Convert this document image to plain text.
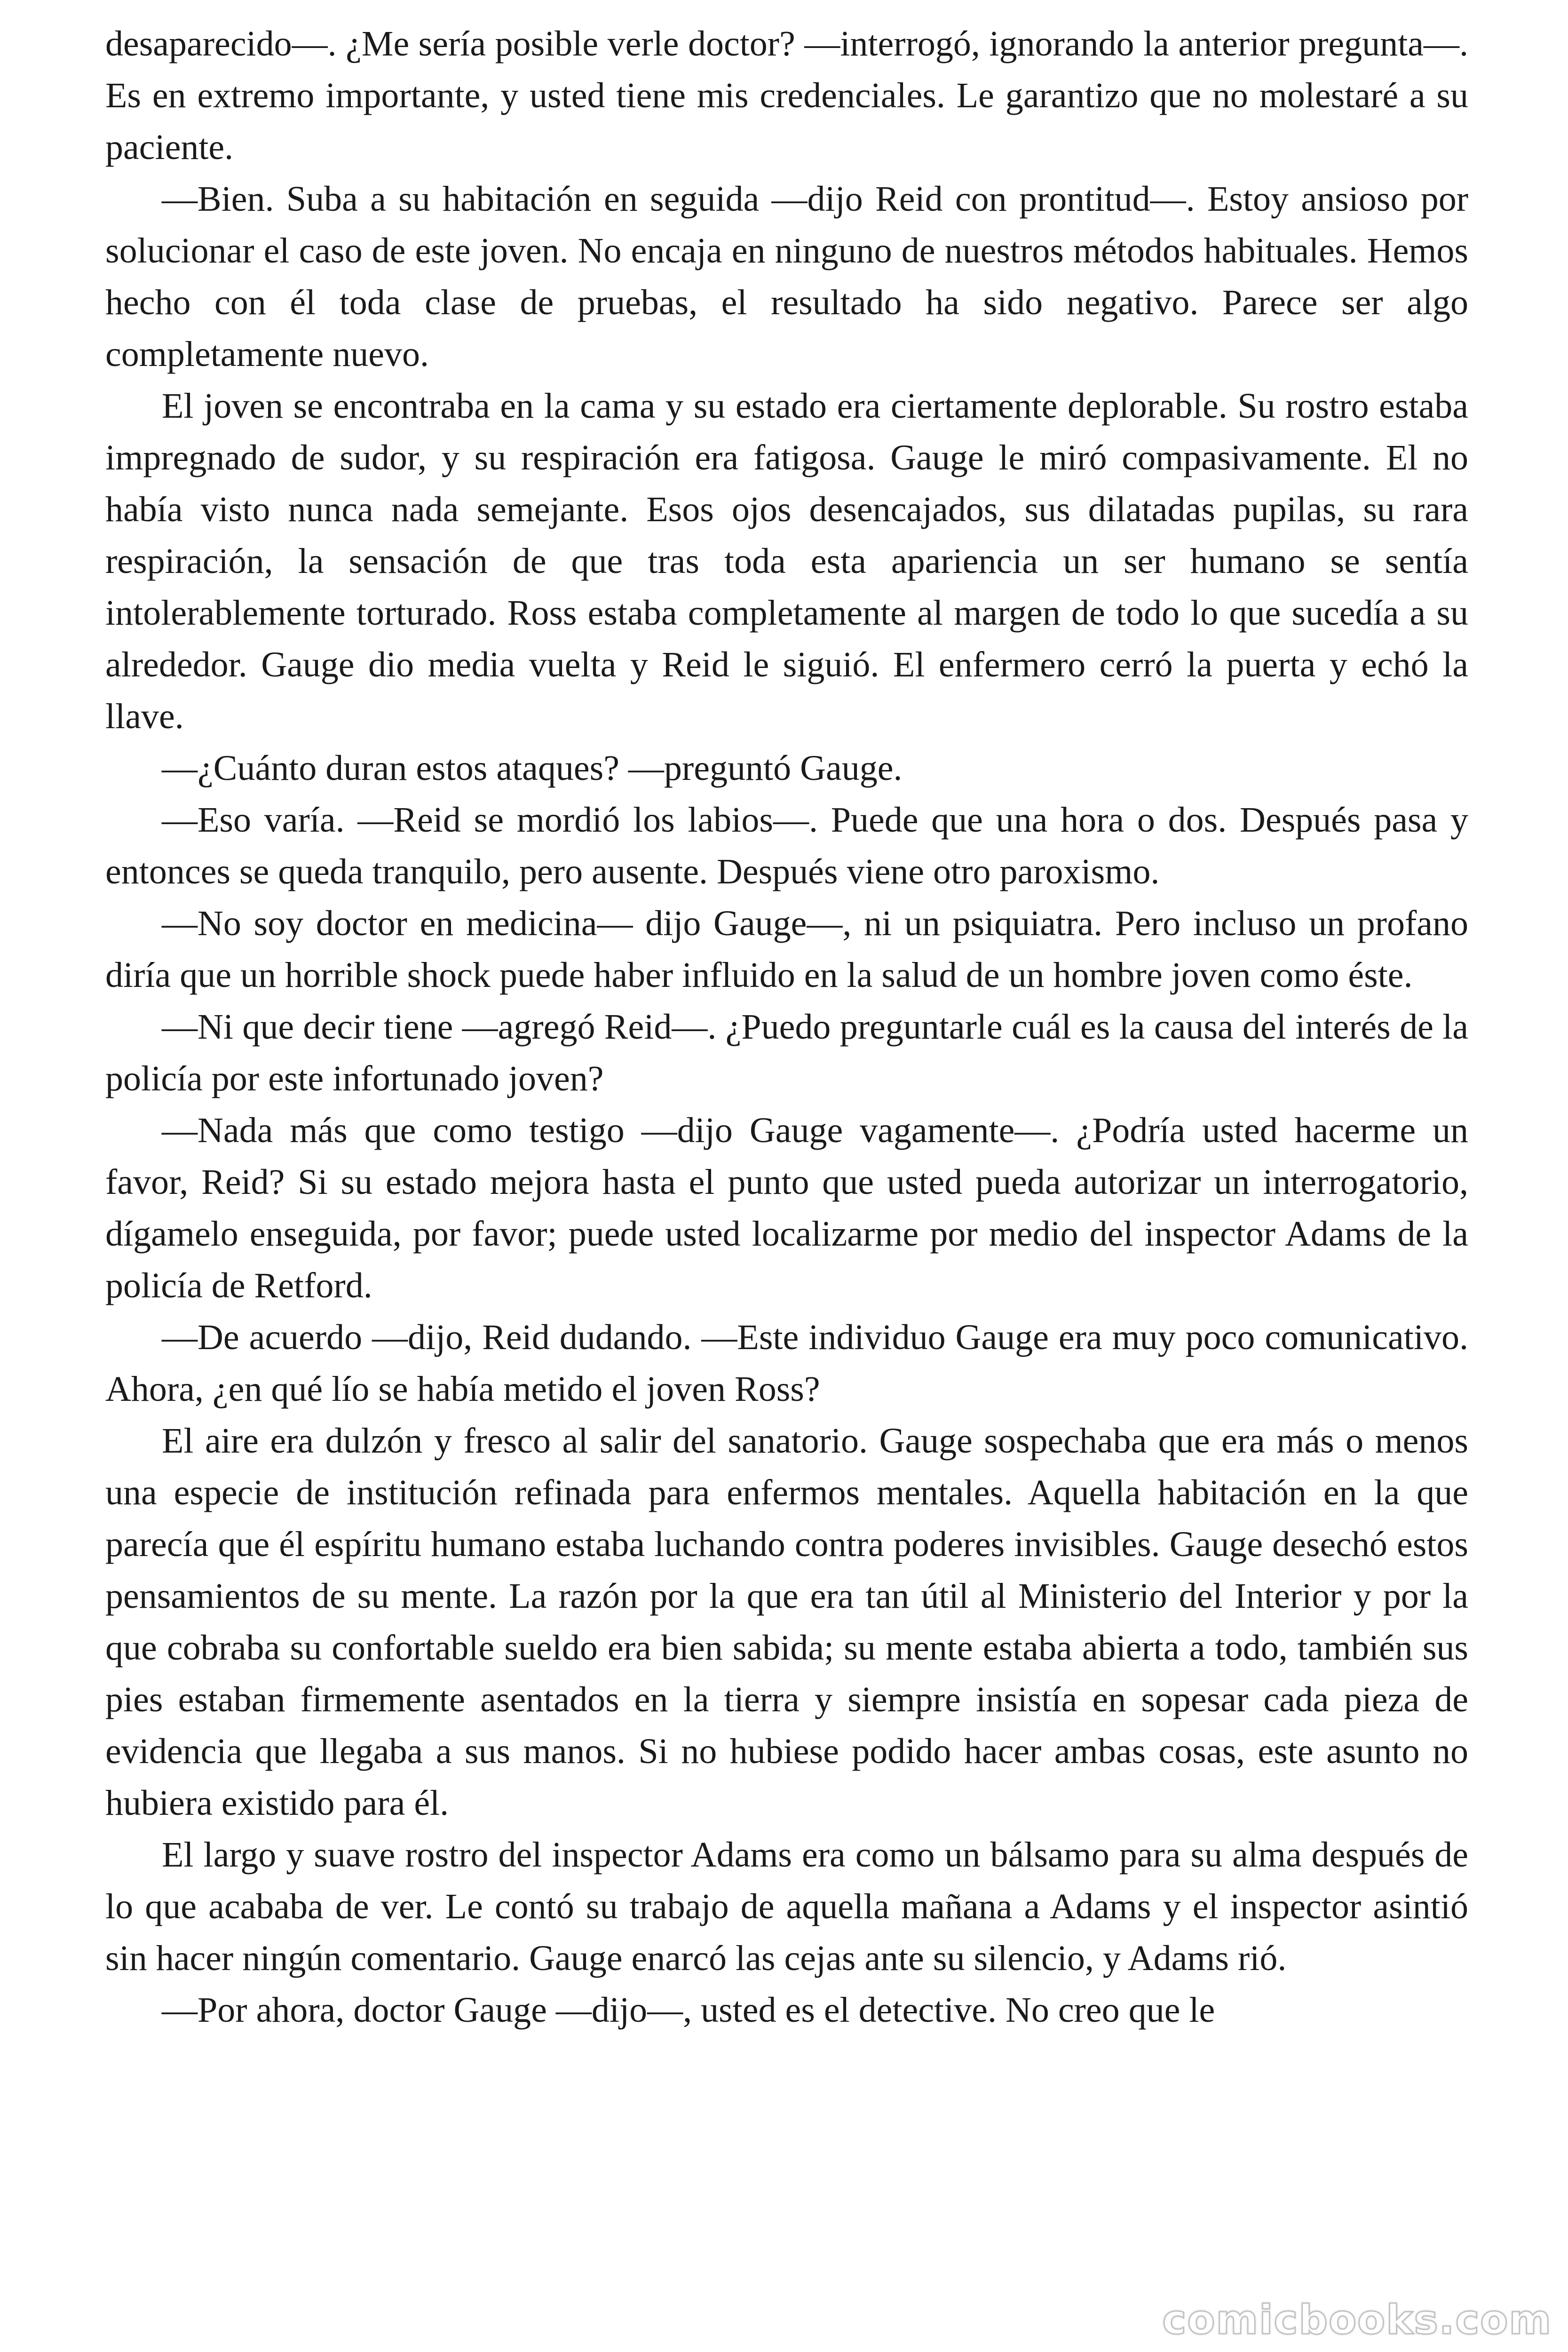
desaparecido—. ¿Me sería posible verle doctor? —interrogó, ignorando la anterior pregunta—. Es en extremo importante, y usted tiene mis credenciales. Le garantizo que no molestaré a su paciente.

—Bien. Suba a su habitación en seguida —dijo Reid con prontitud—. Estoy ansioso por solucionar el caso de este joven. No encaja en ninguno de nuestros métodos habituales. Hemos hecho con él toda clase de pruebas, el resultado ha sido negativo. Parece ser algo completamente nuevo.

El joven se encontraba en la cama y su estado era ciertamente deplorable. Su rostro estaba impregnado de sudor, y su respiración era fatigosa. Gauge le miró compasivamente. El no había visto nunca nada semejante. Esos ojos desencajados, sus dilatadas pupilas, su rara respiración, la sensación de que tras toda esta apariencia un ser humano se sentía intolerablemente torturado. Ross estaba completamente al margen de todo lo que sucedía a su alrededor. Gauge dio media vuelta y Reid le siguió. El enfermero cerró la puerta y echó la llave.

—¿Cuánto duran estos ataques? —preguntó Gauge.

—Eso varía. —Reid se mordió los labios—. Puede que una hora o dos. Después pasa y entonces se queda tranquilo, pero ausente. Después viene otro paroxismo.

—No soy doctor en medicina— dijo Gauge—, ni un psiquiatra. Pero incluso un profano diría que un horrible shock puede haber influido en la salud de un hombre joven como éste.

—Ni que decir tiene —agregó Reid—. ¿Puedo preguntarle cuál es la causa del interés de la policía por este infortunado joven?

—Nada más que como testigo —dijo Gauge vagamente—. ¿Podría usted hacerme un favor, Reid? Si su estado mejora hasta el punto que usted pueda autorizar un interrogatorio, dígamelo enseguida, por favor; puede usted localizarme por medio del inspector Adams de la policía de Retford.

—De acuerdo —dijo, Reid dudando. —Este individuo Gauge era muy poco comunicativo. Ahora, ¿en qué lío se había metido el joven Ross?

El aire era dulzón y fresco al salir del sanatorio. Gauge sospechaba que era más o menos una especie de institución refinada para enfermos mentales. Aquella habitación en la que parecía que él espíritu humano estaba luchando contra poderes invisibles. Gauge desechó estos pensamientos de su mente. La razón por la que era tan útil al Ministerio del Interior y por la que cobraba su confortable sueldo era bien sabida; su mente estaba abierta a todo, también sus pies estaban firmemente asentados en la tierra y siempre insistía en sopesar cada pieza de evidencia que llegaba a sus manos. Si no hubiese podido hacer ambas cosas, este asunto no hubiera existido para él.

El largo y suave rostro del inspector Adams era como un bálsamo para su alma después de lo que acababa de ver. Le contó su trabajo de aquella mañana a Adams y el inspector asintió sin hacer ningún comentario. Gauge enarcó las cejas ante su silencio, y Adams rió.

—Por ahora, doctor Gauge —dijo—, usted es el detective. No creo que le

comicbooks.com
